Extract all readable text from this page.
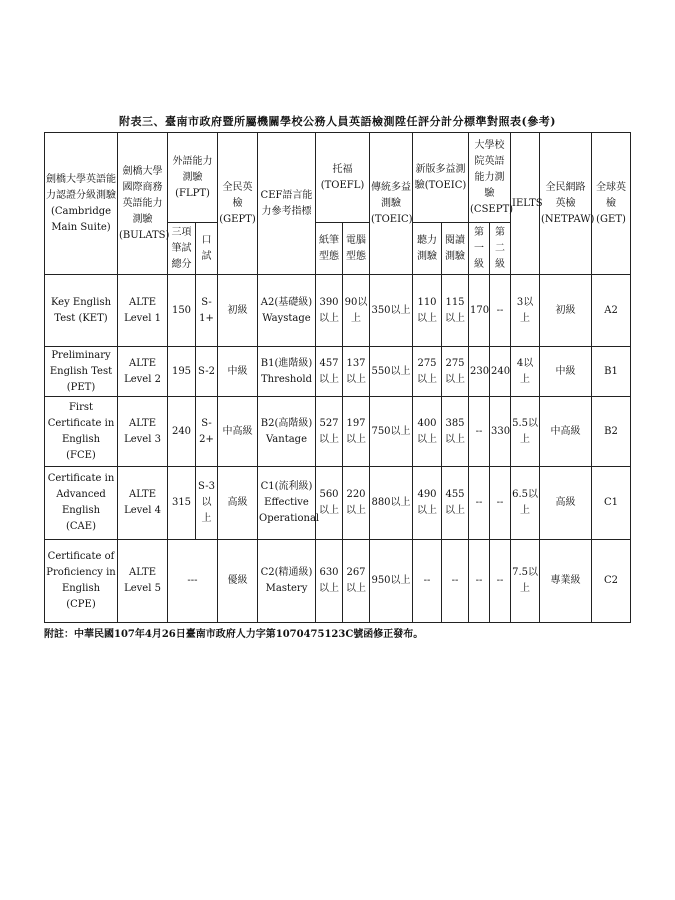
附表三、臺南市政府暨所屬機關學校公務人員英語檢測陞任評分計分標準對照表(參考)
劍橋大學英語能力認證分級測驗(Cambridge Main Suite)	劍橋大學國際商務英語能力測驗(BULATS)	外語能力測驗(FLPT)		全民英檢(GEPT)	CEF語言能力參考指標	托福(TOEFL)		傳統多益測驗(TOEIC)	新版多益測驗(TOEIC)		大學校院英語能力測驗(CSEPT)		IELTS	全民網路英檢(NETPAW)	全球英檢(GET)
		三項筆試總分	口試			紙筆型態	電腦型態		聽力測驗	閱讀測驗	第一級	第二級			
Key English Test (KET)	ALTE Level 1	150	S-1+	初級	A2(基礎級) Waystage	390以上	90以上	350以上	110以上	115以上	170	--	3以上	初級	A2
Preliminary English Test (PET)	ALTE Level 2	195	S-2	中級	B1(進階級) Threshold	457以上	137以上	550以上	275以上	275以上	230	240	4以上	中級	B1
First Certificate in English (FCE)	ALTE Level 3	240	S-2+	中高級	B2(高階級) Vantage	527以上	197以上	750以上	400以上	385以上	--	330	5.5以上	中高級	B2
Certificate in Advanced English (CAE)	ALTE Level 4	315	S-3以上	高級	C1(流利級) Effective Operational	560以上	220以上	880以上	490以上	455以上	--	--	6.5以上	高級	C1
Certificate of Proficiency in English (CPE)	ALTE Level 5	---		優級	C2(精通級) Mastery	630以上	267以上	950以上	--	--	--	--	7.5以上	專業級	C2
附註：中華民國107年4月26日臺南市政府人力字第1070475123C號函修正發布。
